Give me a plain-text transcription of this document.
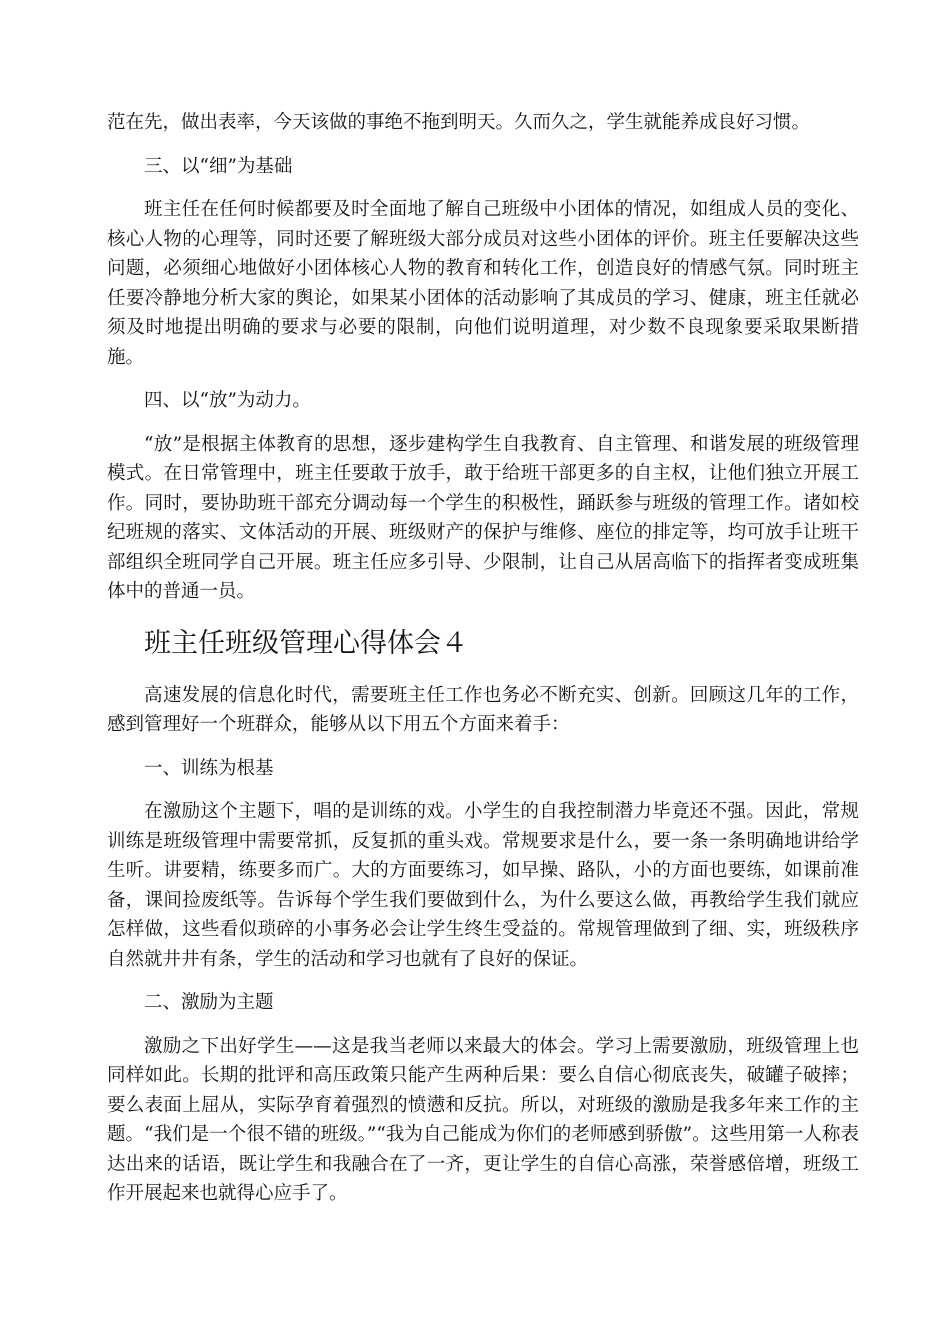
范在先，做出表率，今天该做的事绝不拖到明天。久而久之，学生就能养成良好习惯。

三、以“细”为基础

班主任在任何时候都要及时全面地了解自己班级中小团体的情况，如组成人员的变化、核心人物的心理等，同时还要了解班级大部分成员对这些小团体的评价。班主任要解决这些问题，必须细心地做好小团体核心人物的教育和转化工作，创造良好的情感气氛。同时班主任要冷静地分析大家的舆论，如果某小团体的活动影响了其成员的学习、健康，班主任就必须及时地提出明确的要求与必要的限制，向他们说明道理，对少数不良现象要采取果断措施。

四、以“放”为动力。

“放”是根据主体教育的思想，逐步建构学生自我教育、自主管理、和谐发展的班级管理模式。在日常管理中，班主任要敢于放手，敢于给班干部更多的自主权，让他们独立开展工作。同时，要协助班干部充分调动每一个学生的积极性，踊跃参与班级的管理工作。诸如校纪班规的落实、文体活动的开展、班级财产的保护与维修、座位的排定等，均可放手让班干部组织全班同学自己开展。班主任应多引导、少限制，让自己从居高临下的指挥者变成班集体中的普通一员。

班主任班级管理心得体会４

高速发展的信息化时代，需要班主任工作也务必不断充实、创新。回顾这几年的工作，感到管理好一个班群众，能够从以下用五个方面来着手：

一、训练为根基

在激励这个主题下，唱的是训练的戏。小学生的自我控制潜力毕竟还不强。因此，常规训练是班级管理中需要常抓，反复抓的重头戏。常规要求是什么，要一条一条明确地讲给学生听。讲要精，练要多而广。大的方面要练习，如早操、路队，小的方面也要练，如课前准备，课间捡废纸等。告诉每个学生我们要做到什么，为什么要这么做，再教给学生我们就应怎样做，这些看似琐碎的小事务必会让学生终生受益的。常规管理做到了细、实，班级秩序自然就井井有条，学生的活动和学习也就有了良好的保证。

二、激励为主题

激励之下出好学生——这是我当老师以来最大的体会。学习上需要激励，班级管理上也同样如此。长期的批评和高压政策只能产生两种后果：要么自信心彻底丧失，破罐子破摔；要么表面上屈从，实际孕育着强烈的愤懑和反抗。所以，对班级的激励是我多年来工作的主题。“我们是一个很不错的班级。”“我为自己能成为你们的老师感到骄傲”。这些用第一人称表达出来的话语，既让学生和我融合在了一齐，更让学生的自信心高涨，荣誉感倍增，班级工作开展起来也就得心应手了。
